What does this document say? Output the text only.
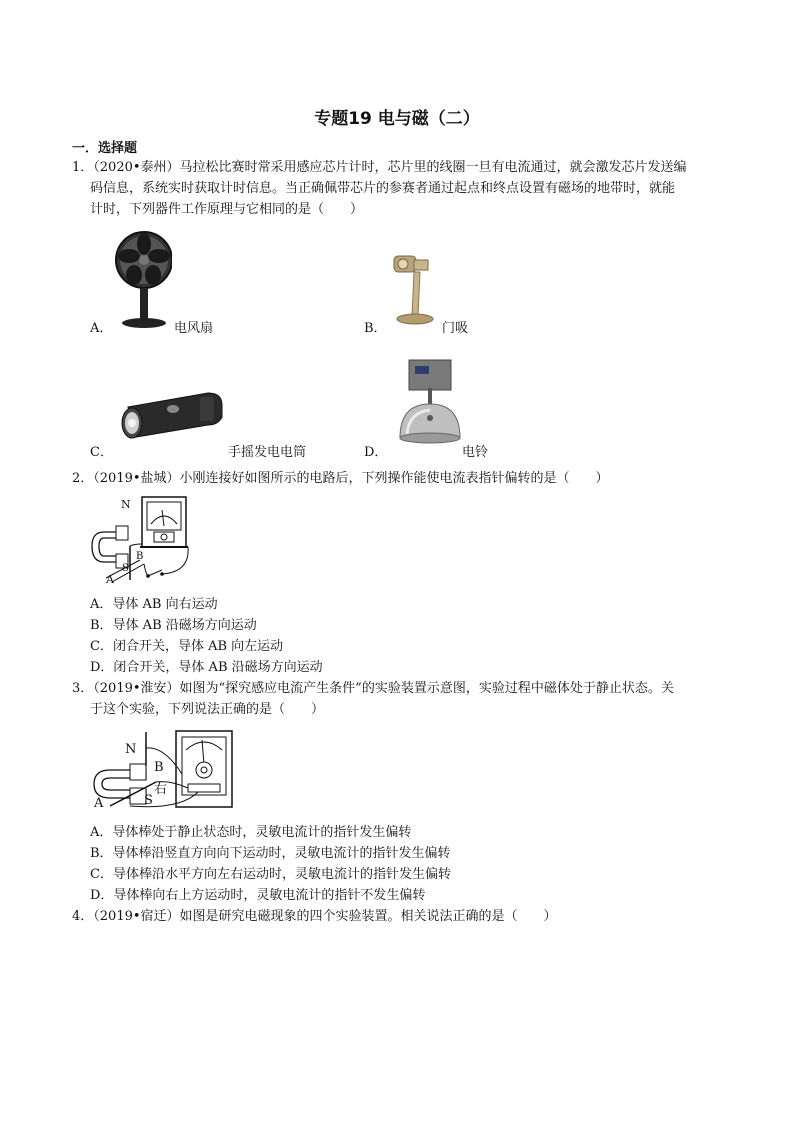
专题19 电与磁（二）
一．选择题
1．（2020•泰州）马拉松比赛时常采用感应芯片计时，芯片里的线圈一旦有电流通过，就会激发芯片发送编
码信息，系统实时获取计时信息。当正确佩带芯片的参赛者通过起点和终点设置有磁场的地带时，就能
计时，下列器件工作原理与它相同的是（　　）
A．	电风扇	B．	门吸
C．	手摇发电电筒	D．	电铃
2．（2019•盐城）小刚连接好如图所示的电路后，下列操作能使电流表指针偏转的是（　　）
N
B
S
A
A．导体 AB 向右运动
B．导体 AB 沿磁场方向运动
C．闭合开关，导体 AB 向左运动
D．闭合开关，导体 AB 沿磁场方向运动
3．（2019•淮安）如图为“探究感应电流产生条件”的实验装置示意图，实验过程中磁体处于静止状态。关
于这个实验，下列说法正确的是（　　）
N
B
右
S
A
A．导体棒处于静止状态时，灵敏电流计的指针发生偏转
B．导体棒沿竖直方向向下运动时，灵敏电流计的指针发生偏转
C．导体棒沿水平方向左右运动时，灵敏电流计的指针发生偏转
D．导体棒向右上方运动时，灵敏电流计的指针不发生偏转
4．（2019•宿迁）如图是研究电磁现象的四个实验装置。相关说法正确的是（　　）
